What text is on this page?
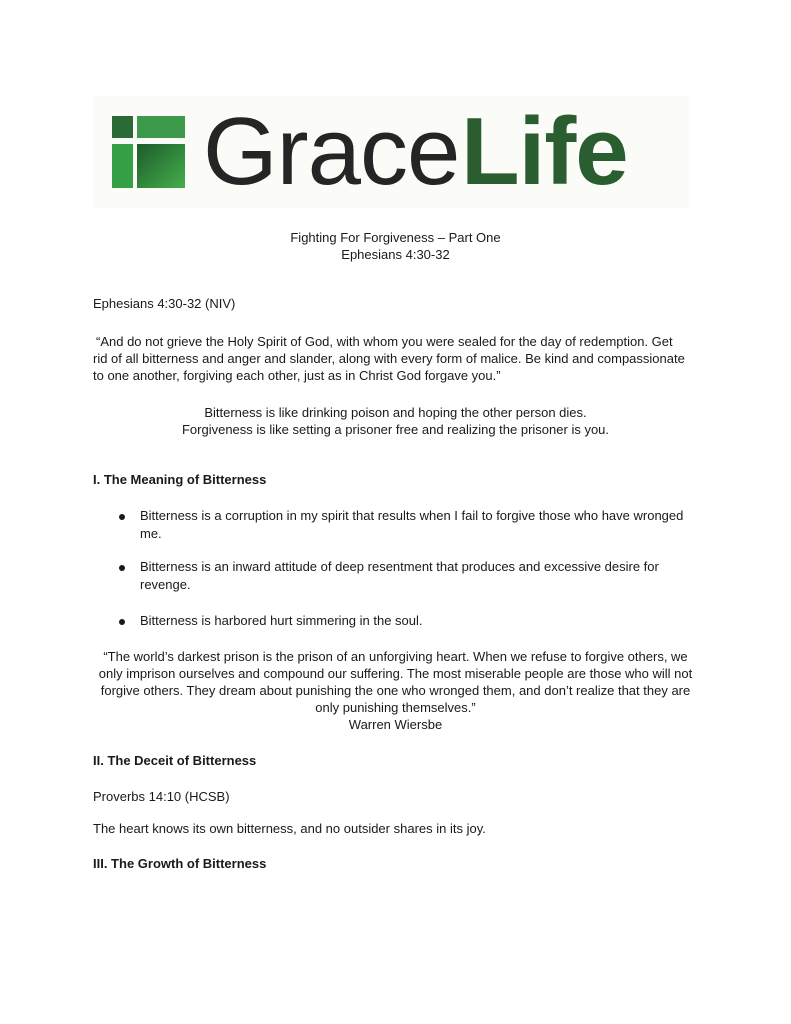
Grace Life
Fighting For Forgiveness – Part One
Ephesians 4:30-32
Ephesians 4:30-32 (NIV)
“And do not grieve the Holy Spirit of God, with whom you were sealed for the day of redemption. Get
rid of all bitterness and anger and slander, along with every form of malice. Be kind and compassionate
to one another, forgiving each other, just as in Christ God forgave you.”
Bitterness is like drinking poison and hoping the other person dies.
Forgiveness is like setting a prisoner free and realizing the prisoner is you.
I. The Meaning of Bitterness
Bitterness is a corruption in my spirit that results when I fail to forgive those who have wronged
me.
Bitterness is an inward attitude of deep resentment that produces and excessive desire for
revenge.
Bitterness is harbored hurt simmering in the soul.
“The world’s darkest prison is the prison of an unforgiving heart. When we refuse to forgive others, we
only imprison ourselves and compound our suffering. The most miserable people are those who will not
forgive others. They dream about punishing the one who wronged them, and don’t realize that they are
only punishing themselves.”
Warren Wiersbe
II. The Deceit of Bitterness
Proverbs 14:10 (HCSB)
The heart knows its own bitterness, and no outsider shares in its joy.
III. The Growth of Bitterness
